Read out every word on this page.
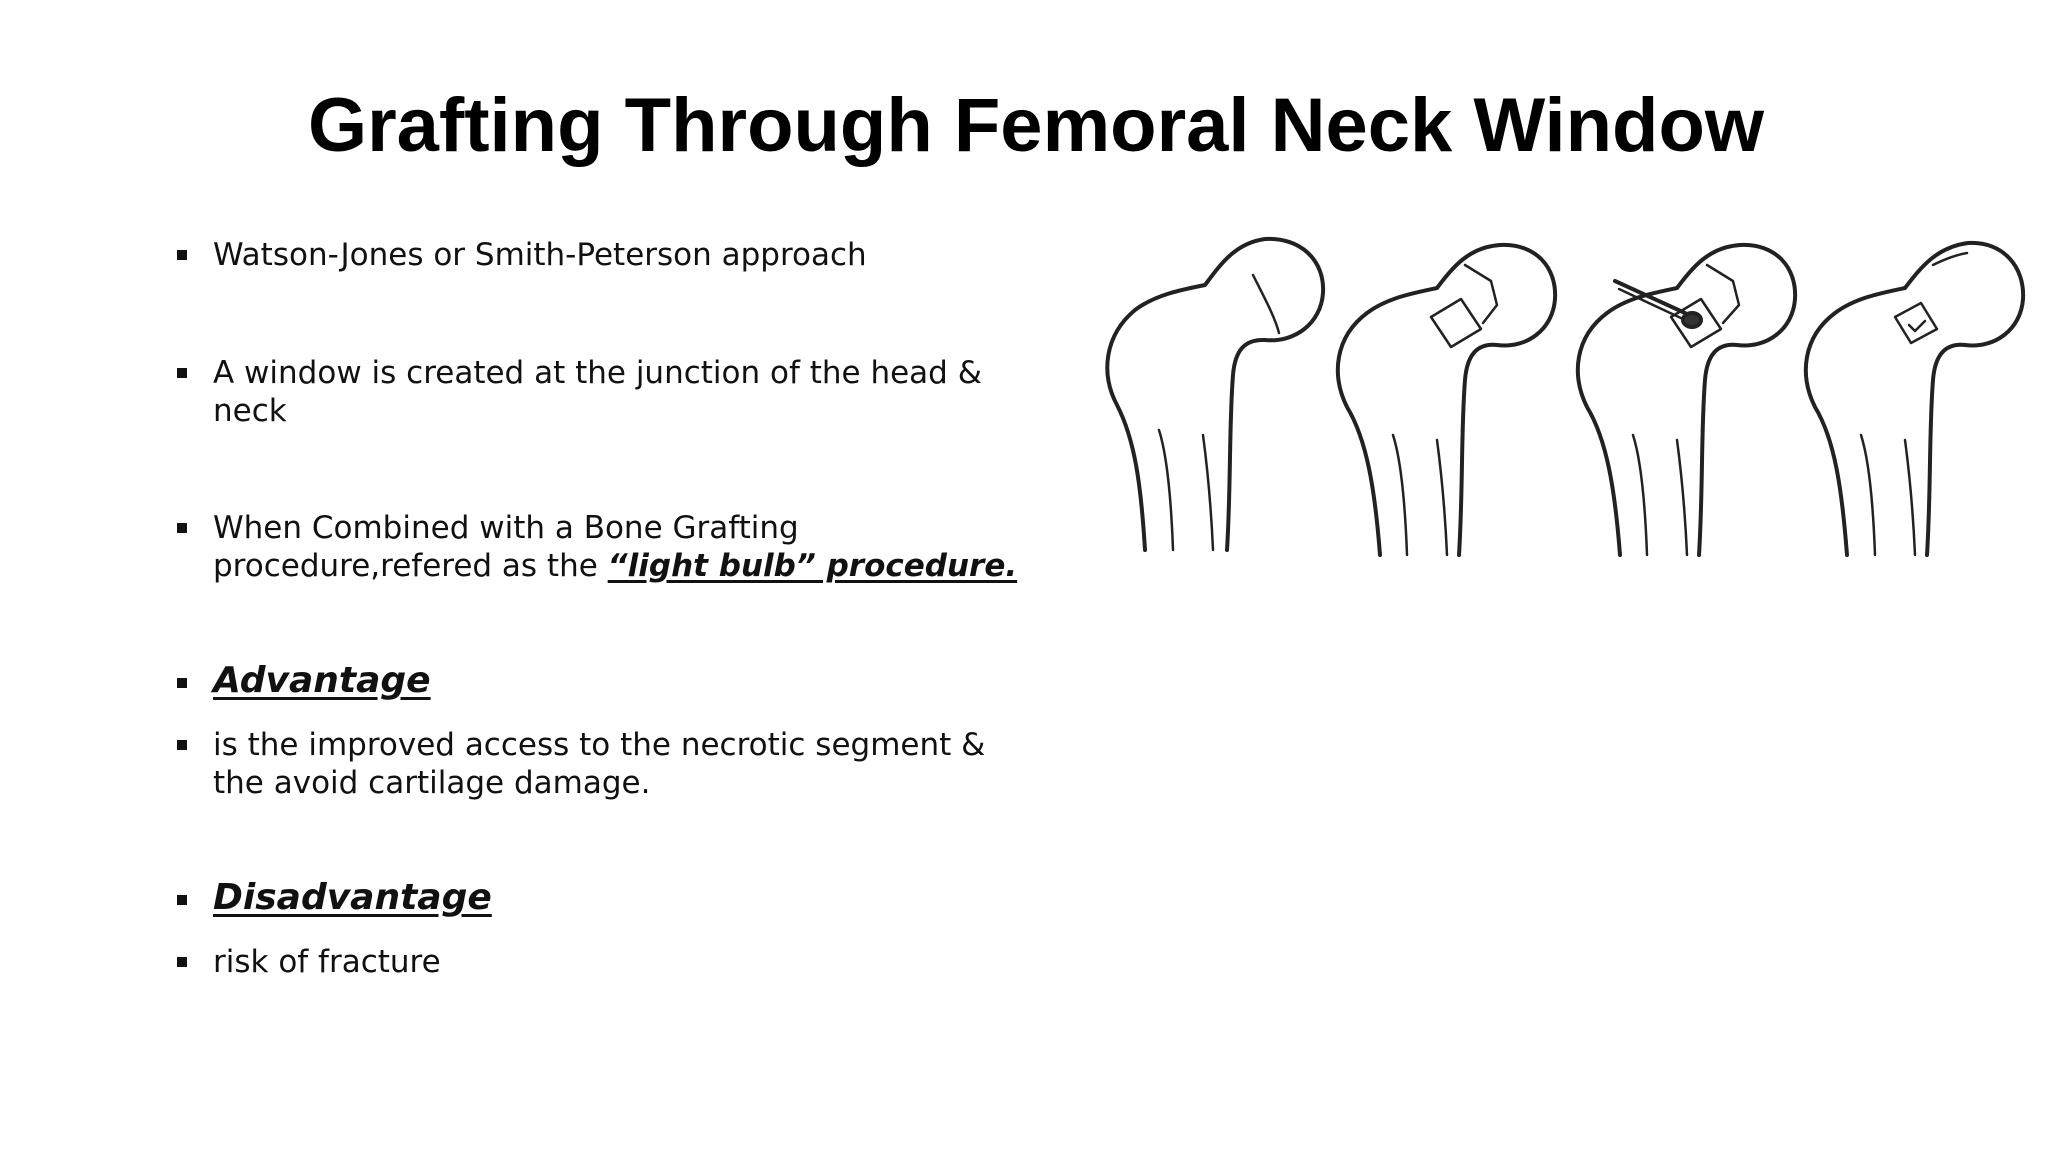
Grafting Through Femoral Neck Window
Watson-Jones or Smith-Peterson approach
A window is created at the junction of the head &
neck
When Combined with a Bone Grafting
procedure,refered as the “light bulb” procedure.
Advantage
is the improved access to the necrotic segment &
the avoid cartilage damage.
Disadvantage
risk of fracture
